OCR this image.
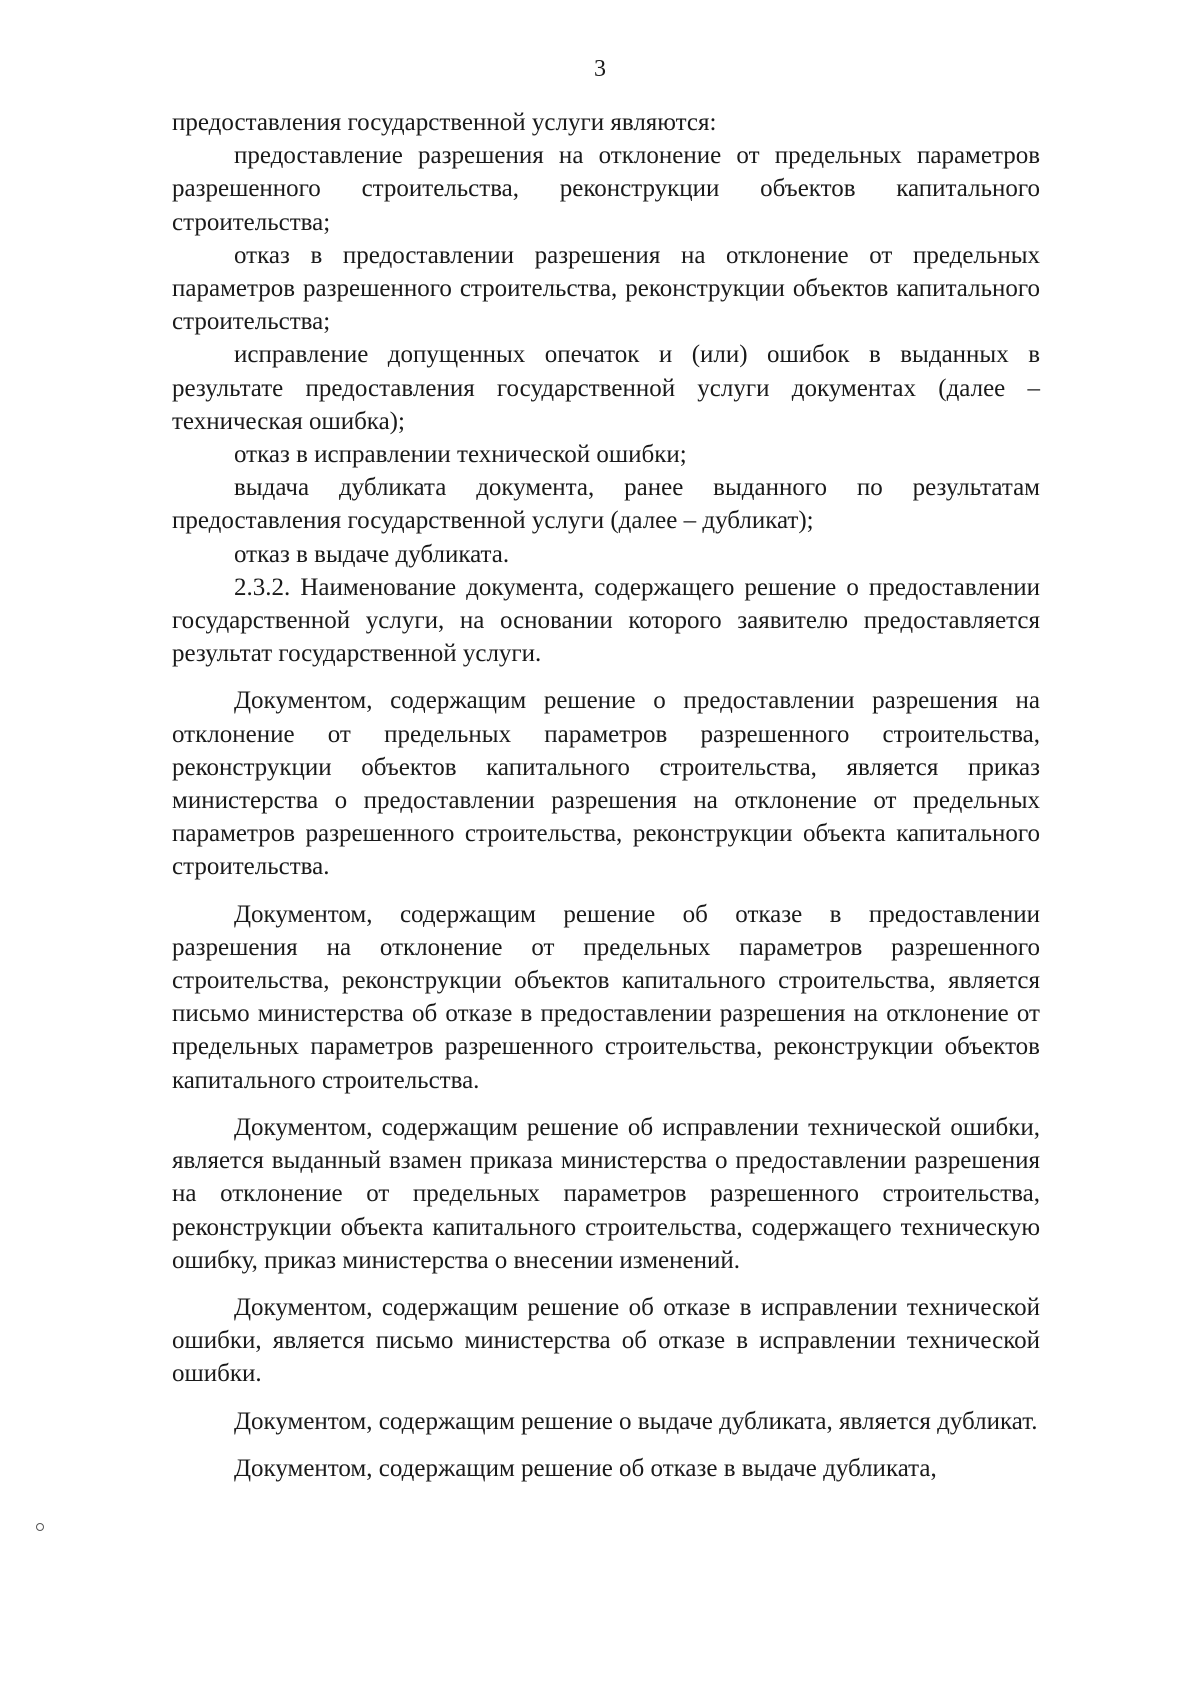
3

предоставления государственной услуги являются:

предоставление разрешения на отклонение от предельных параметров разрешенного строительства, реконструкции объектов капитального строительства;

отказ в предоставлении разрешения на отклонение от предельных параметров разрешенного строительства, реконструкции объектов капитального строительства;

исправление допущенных опечаток и (или) ошибок в выданных в результате предоставления государственной услуги документах (далее – техническая ошибка);

отказ в исправлении технической ошибки;

выдача дубликата документа, ранее выданного по результатам предоставления государственной услуги (далее – дубликат);

отказ в выдаче дубликата.

2.3.2. Наименование документа, содержащего решение о предоставлении государственной услуги, на основании которого заявителю предоставляется результат государственной услуги.

Документом, содержащим решение о предоставлении разрешения на отклонение от предельных параметров разрешенного строительства, реконструкции объектов капитального строительства, является приказ министерства о предоставлении разрешения на отклонение от предельных параметров разрешенного строительства, реконструкции объекта капитального строительства.

Документом, содержащим решение об отказе в предоставлении разрешения на отклонение от предельных параметров разрешенного строительства, реконструкции объектов капитального строительства, является письмо министерства об отказе в предоставлении разрешения на отклонение от предельных параметров разрешенного строительства, реконструкции объектов капитального строительства.

Документом, содержащим решение об исправлении технической ошибки, является выданный взамен приказа министерства о предоставлении разрешения на отклонение от предельных параметров разрешенного строительства, реконструкции объекта капитального строительства, содержащего техническую ошибку, приказ министерства о внесении изменений.

Документом, содержащим решение об отказе в исправлении технической ошибки, является письмо министерства об отказе в исправлении технической ошибки.

Документом, содержащим решение о выдаче дубликата, является дубликат.

Документом, содержащим решение об отказе в выдаче дубликата,
